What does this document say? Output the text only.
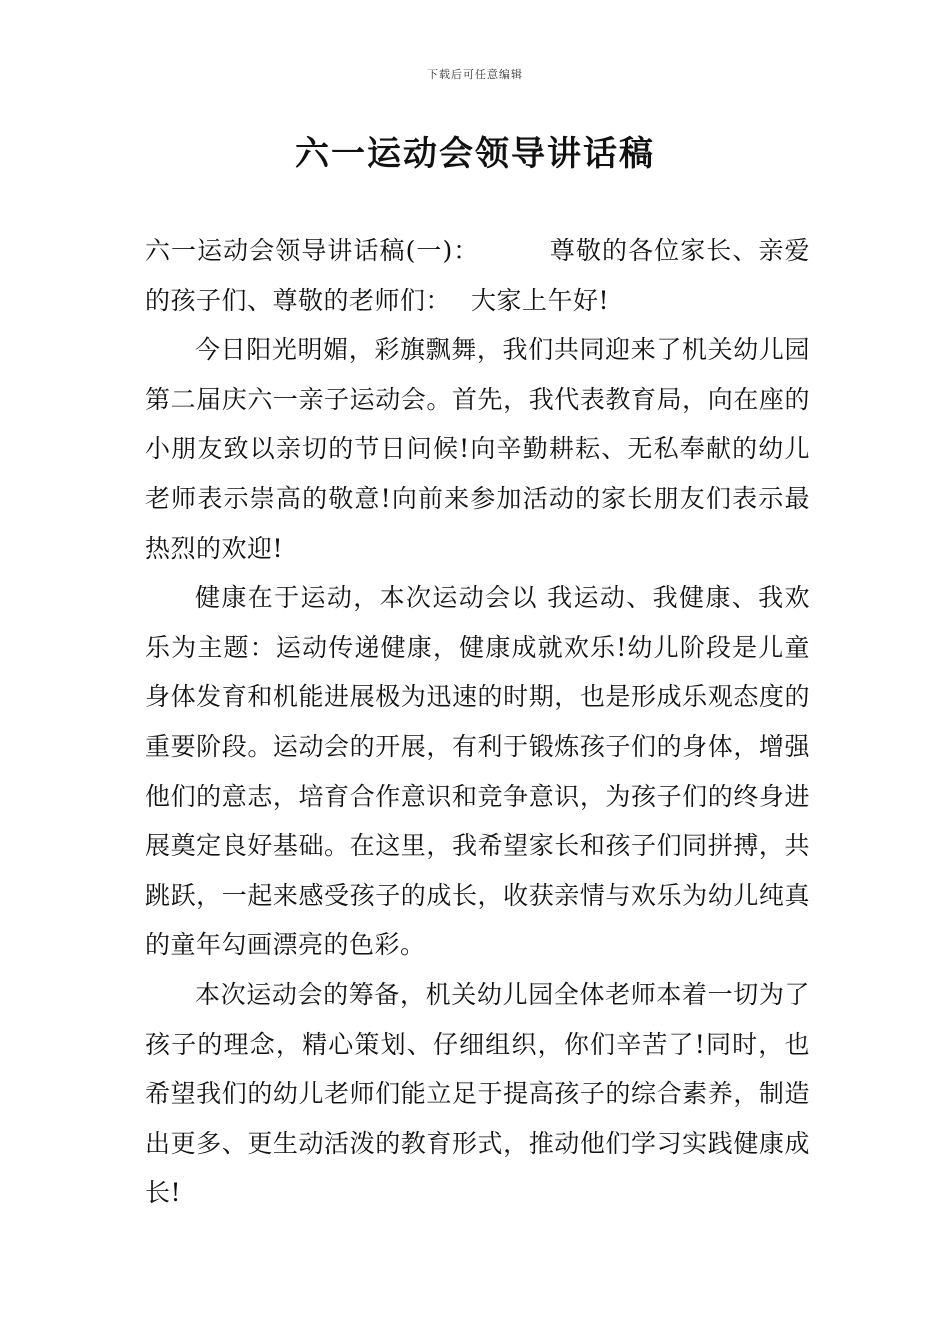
下载后可任意编辑
六一运动会领导讲话稿

六一运动会领导讲话稿(一)：	尊敬的各位家长、亲爱的孩子们、尊敬的老师们： 大家上午好!

今日阳光明媚，彩旗飘舞，我们共同迎来了机关幼儿园第二届庆六一亲子运动会。首先，我代表教育局，向在座的小朋友致以亲切的节日问候!向辛勤耕耘、无私奉献的幼儿老师表示崇高的敬意!向前来参加活动的家长朋友们表示最热烈的欢迎!

健康在于运动，本次运动会以 我运动、我健康、我欢乐为主题：运动传递健康，健康成就欢乐!幼儿阶段是儿童身体发育和机能进展极为迅速的时期，也是形成乐观态度的重要阶段。运动会的开展，有利于锻炼孩子们的身体，增强他们的意志，培育合作意识和竞争意识，为孩子们的终身进展奠定良好基础。在这里，我希望家长和孩子们同拼搏，共跳跃，一起来感受孩子的成长，收获亲情与欢乐为幼儿纯真的童年勾画漂亮的色彩。

本次运动会的筹备，机关幼儿园全体老师本着一切为了孩子的理念，精心策划、仔细组织，你们辛苦了!同时，也希望我们的幼儿老师们能立足于提高孩子的综合素养，制造出更多、更生动活泼的教育形式，推动他们学习实践健康成长!
